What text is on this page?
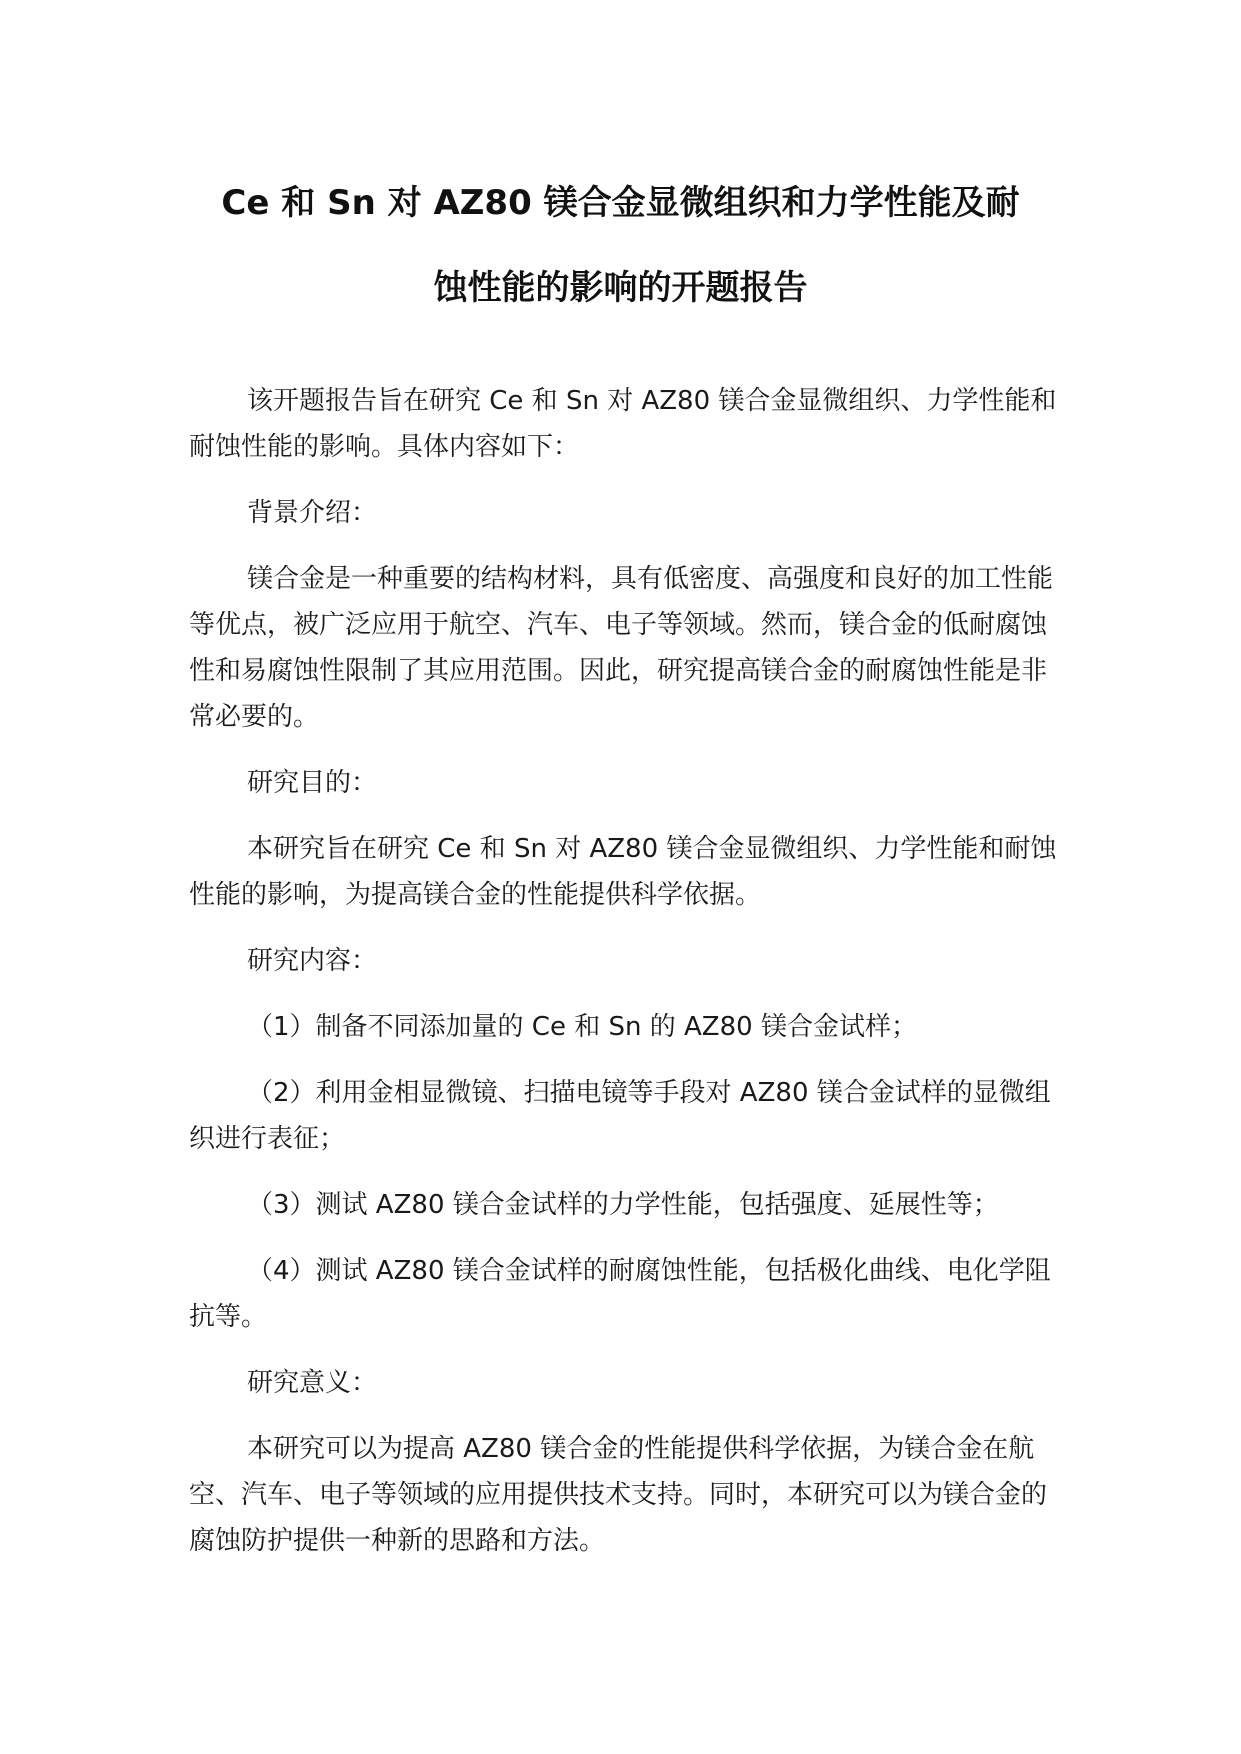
Ce 和 Sn 对 AZ80 镁合金显微组织和力学性能及耐
蚀性能的影响的开题报告

该开题报告旨在研究 Ce 和 Sn 对 AZ80 镁合金显微组织、力学性能和耐蚀性能的影响。具体内容如下：

背景介绍：

镁合金是一种重要的结构材料，具有低密度、高强度和良好的加工性能等优点，被广泛应用于航空、汽车、电子等领域。然而，镁合金的低耐腐蚀性和易腐蚀性限制了其应用范围。因此，研究提高镁合金的耐腐蚀性能是非常必要的。

研究目的：

本研究旨在研究 Ce 和 Sn 对 AZ80 镁合金显微组织、力学性能和耐蚀性能的影响，为提高镁合金的性能提供科学依据。

研究内容：

（1）制备不同添加量的 Ce 和 Sn 的 AZ80 镁合金试样；

（2）利用金相显微镜、扫描电镜等手段对 AZ80 镁合金试样的显微组织进行表征；

（3）测试 AZ80 镁合金试样的力学性能，包括强度、延展性等；

（4）测试 AZ80 镁合金试样的耐腐蚀性能，包括极化曲线、电化学阻抗等。

研究意义：

本研究可以为提高 AZ80 镁合金的性能提供科学依据，为镁合金在航空、汽车、电子等领域的应用提供技术支持。同时，本研究可以为镁合金的腐蚀防护提供一种新的思路和方法。
